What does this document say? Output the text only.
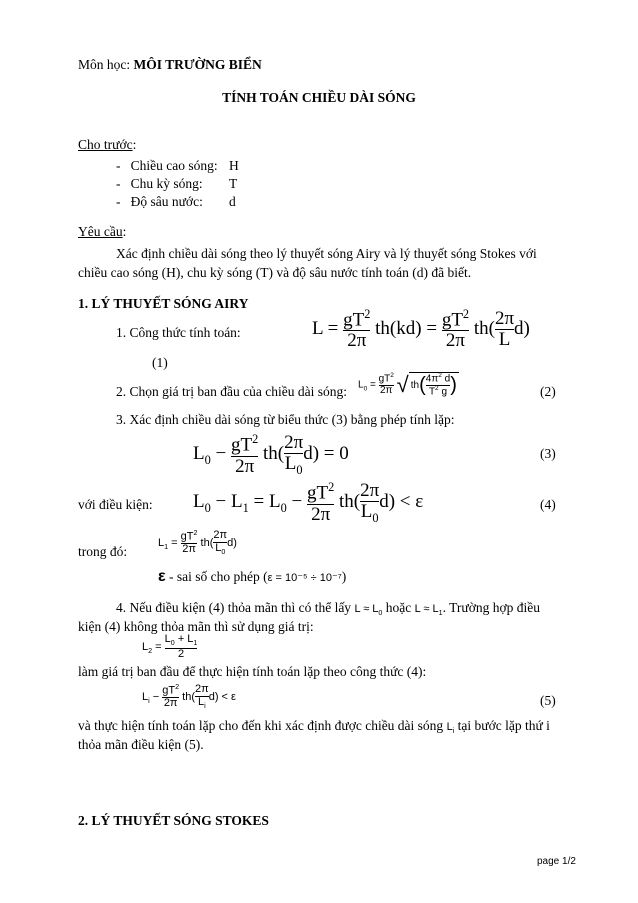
Môn học: MÔI TRƯỜNG BIỂN
TÍNH TOÁN CHIỀU DÀI SÓNG
Cho trước:
-   Chiều cao sóng: H
-   Chu kỳ sóng: T
-   Độ sâu nước: d
Yêu cầu:
Xác định chiều dài sóng theo lý thuyết sóng Airy và lý thuyết sóng Stokes với
chiều cao sóng (H), chu kỳ sóng (T) và độ sâu nước tính toán (d) đã biết.
1. LÝ THUYẾT SÓNG AIRY
1. Công thức tính toán:	$L = \frac{gT^2}{2\pi} th(kd) = \frac{gT^2}{2\pi} th( \frac{2\pi}{L} d)$
(1)
2. Chọn giá trị ban đầu của chiều dài sóng: $L_0 = \frac{gT^2}{2\pi}$ √ $th( \frac{4\pi^2 d}{T^2 g}$ )	(2)
3. Xác định chiều dài sóng từ biểu thức (3) bằng phép tính lặp:
$L_0 - \frac{gT^2}{2\pi} th( \frac{2\pi}{L_0} d) = 0$	(3)
với điều kiện: $L_0 - L_1 = L_0 - \frac{gT^2}{2\pi} th( \frac{2\pi}{L_0} d) < \varepsilon$	(4)
trong đó:
$L_1 = \frac{gT^2}{2\pi} th( \frac{2\pi}{L_0} d)$
ε - sai số cho phép (ε = 10⁻⁵ ÷ 10⁻⁷)
4. Nếu điều kiện (4) thỏa mãn thì có thể lấy $L \approx L_0$ hoặc $L \approx L_1$. Trường hợp điều
kiện (4) không thỏa mãn thì sử dụng giá trị:
$L_2 = \frac{L_0 + L_1}{2}$
làm giá trị ban đầu để thực hiện tính toán lặp theo công thức (4):
$L_i - \frac{gT^2}{2\pi} th( \frac{2\pi}{L_i} d) < \varepsilon$	(5)
và thực hiện tính toán lặp cho đến khi xác định được chiều dài sóng $L_i$ tại bước lặp thứ i
thỏa mãn điều kiện (5).
2. LÝ THUYẾT SÓNG STOKES
page 1/2
